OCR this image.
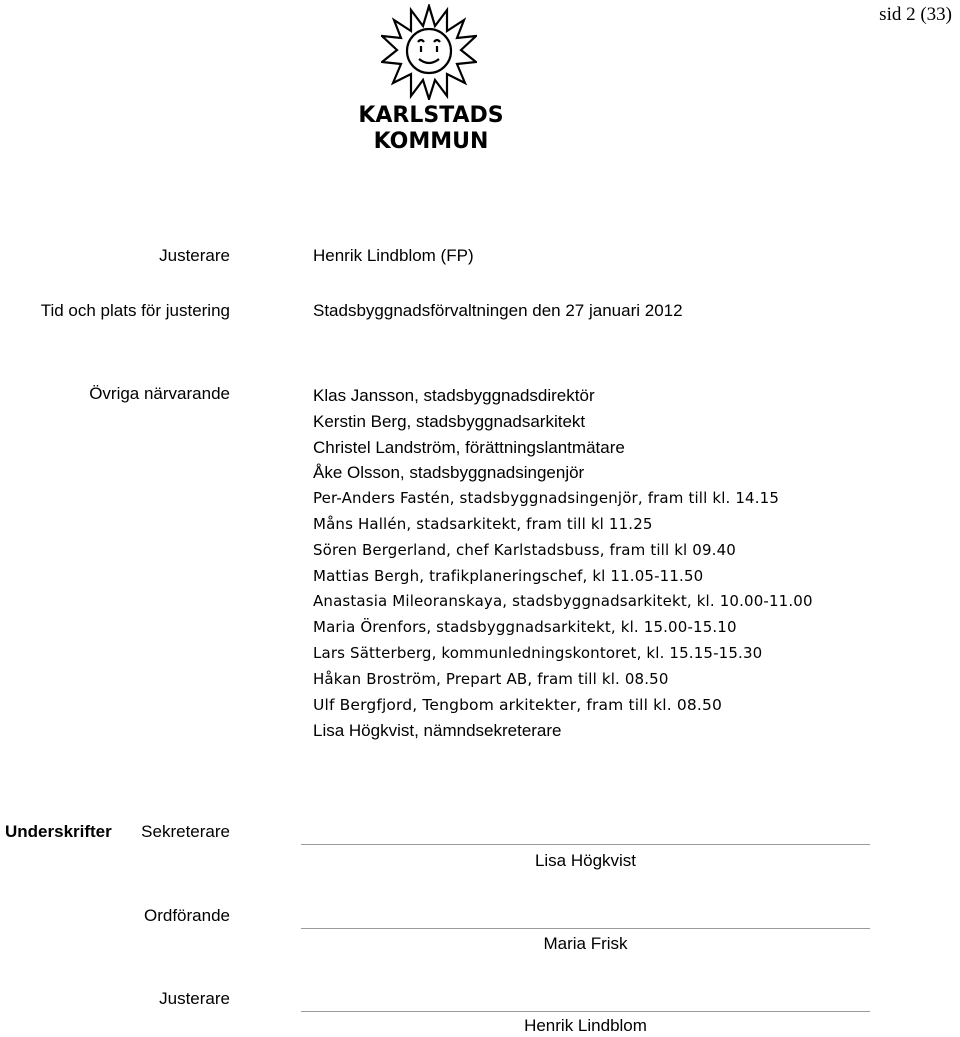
sid 2 (33)
KARLSTADS KOMMUN
Justerare	Henrik Lindblom (FP)
Tid och plats för justering	Stadsbyggnadsförvaltningen den 27 januari 2012
Övriga närvarande	Klas Jansson, stadsbyggnadsdirektör
Kerstin Berg, stadsbyggnadsarkitekt
Christel Landström, förättningslantmätare
Åke Olsson, stadsbyggnadsingenjör
Per-Anders Fastén, stadsbyggnadsingenjör, fram till kl. 14.15
Måns Hallén, stadsarkitekt, fram till kl 11.25
Sören Bergerland, chef Karlstadsbuss, fram till kl 09.40
Mattias Bergh, trafikplaneringschef, kl 11.05-11.50
Anastasia Mileoranskaya, stadsbyggnadsarkitekt, kl. 10.00-11.00
Maria Örenfors, stadsbyggnadsarkitekt, kl. 15.00-15.10
Lars Sätterberg, kommunledningskontoret, kl. 15.15-15.30
Håkan Broström, Prepart AB, fram till kl. 08.50
Ulf Bergfjord, Tengbom arkitekter, fram till kl. 08.50
Lisa Högkvist, nämndsekreterare
Underskrifter Sekreterare
Lisa Högkvist
Ordförande
Maria Frisk
Justerare
Henrik Lindblom
